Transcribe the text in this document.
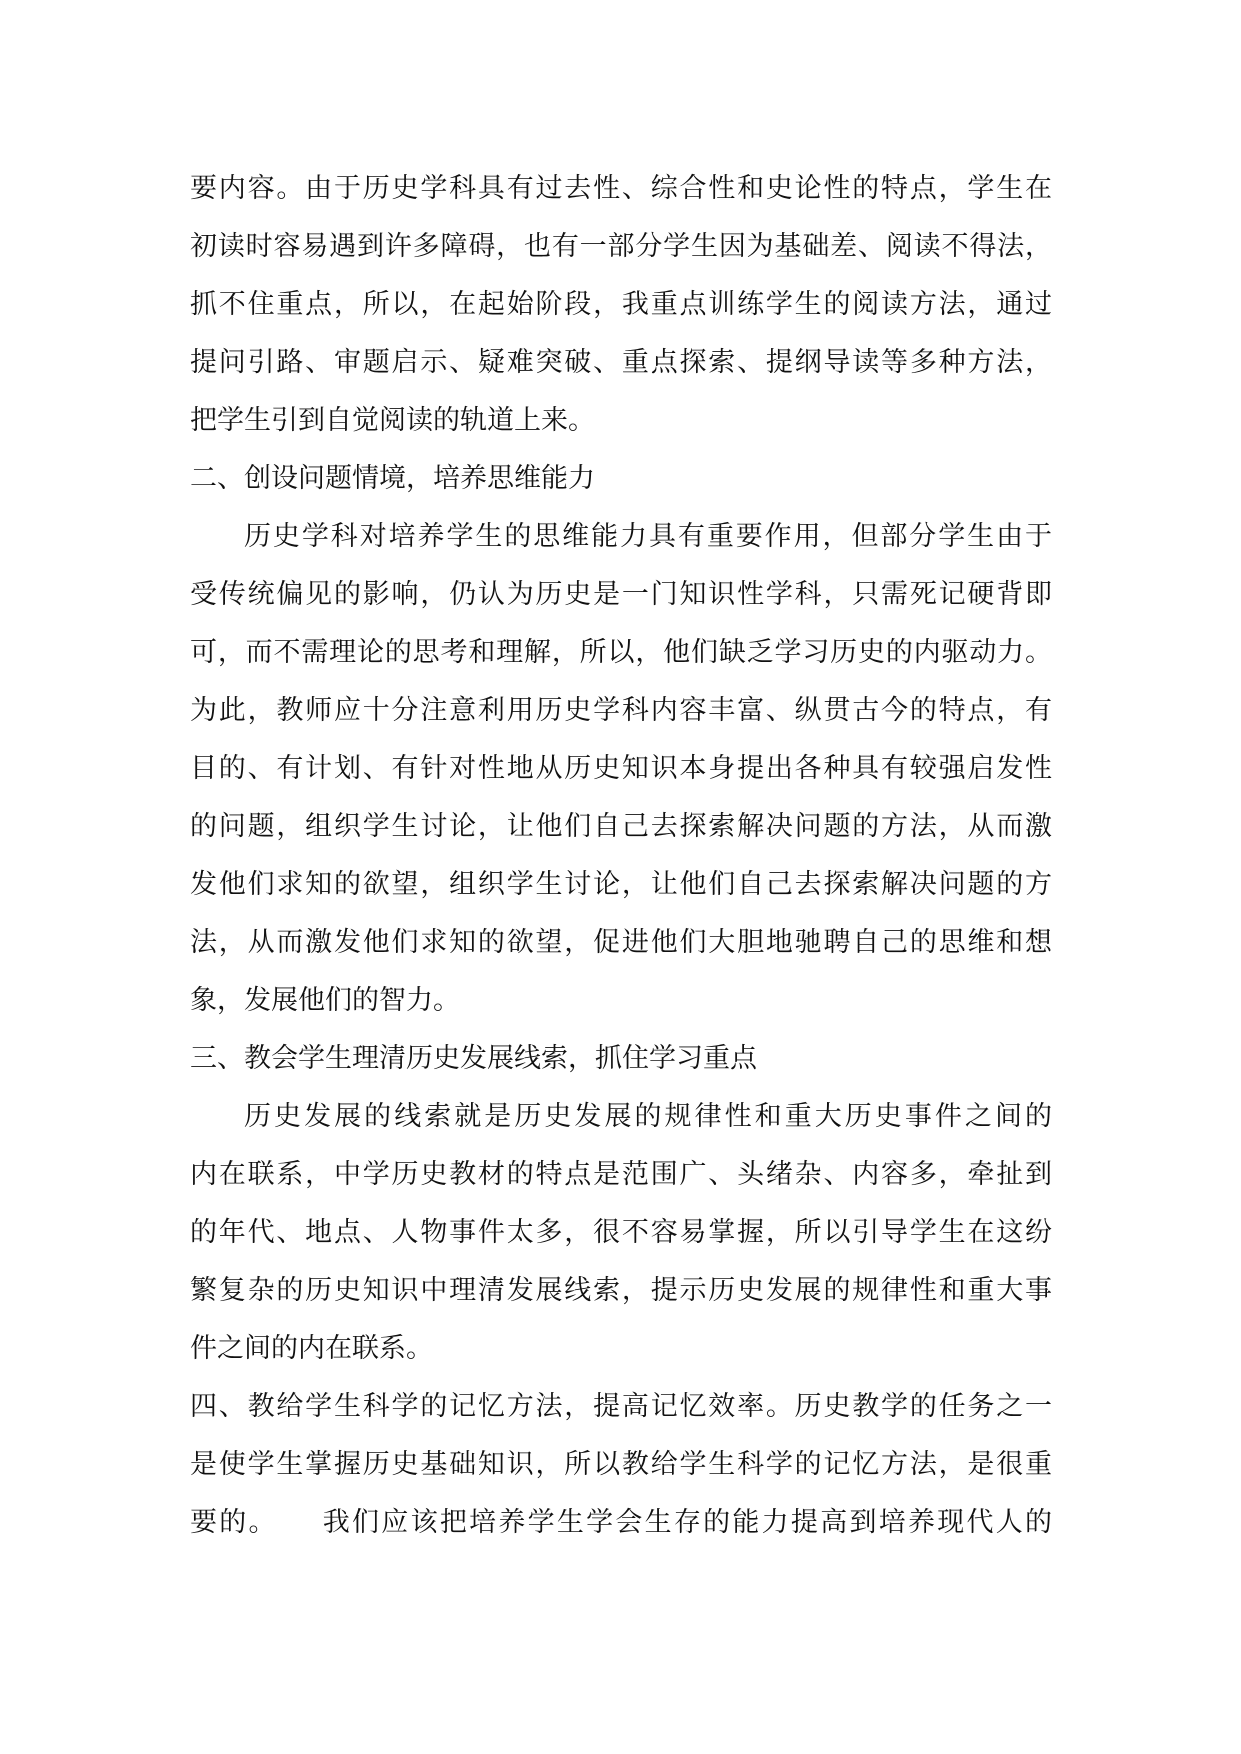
要内容。由于历史学科具有过去性、综合性和史论性的特点，学生在
初读时容易遇到许多障碍，也有一部分学生因为基础差、阅读不得法，
抓不住重点，所以，在起始阶段，我重点训练学生的阅读方法，通过
提问引路、审题启示、疑难突破、重点探索、提纲导读等多种方法，
把学生引到自觉阅读的轨道上来。
二、创设问题情境，培养思维能力
历史学科对培养学生的思维能力具有重要作用，但部分学生由于
受传统偏见的影响，仍认为历史是一门知识性学科，只需死记硬背即
可，而不需理论的思考和理解，所以，他们缺乏学习历史的内驱动力。
为此，教师应十分注意利用历史学科内容丰富、纵贯古今的特点，有
目的、有计划、有针对性地从历史知识本身提出各种具有较强启发性
的问题，组织学生讨论，让他们自己去探索解决问题的方法，从而激
发他们求知的欲望，组织学生讨论，让他们自己去探索解决问题的方
法，从而激发他们求知的欲望，促进他们大胆地驰聘自己的思维和想
象，发展他们的智力。
三、教会学生理清历史发展线索，抓住学习重点
历史发展的线索就是历史发展的规律性和重大历史事件之间的
内在联系，中学历史教材的特点是范围广、头绪杂、内容多，牵扯到
的年代、地点、人物事件太多，很不容易掌握，所以引导学生在这纷
繁复杂的历史知识中理清发展线索，提示历史发展的规律性和重大事
件之间的内在联系。
四、教给学生科学的记忆方法，提高记忆效率。历史教学的任务之一
是使学生掌握历史基础知识，所以教给学生科学的记忆方法，是很重
要的。　　我们应该把培养学生学会生存的能力提高到培养现代人的
